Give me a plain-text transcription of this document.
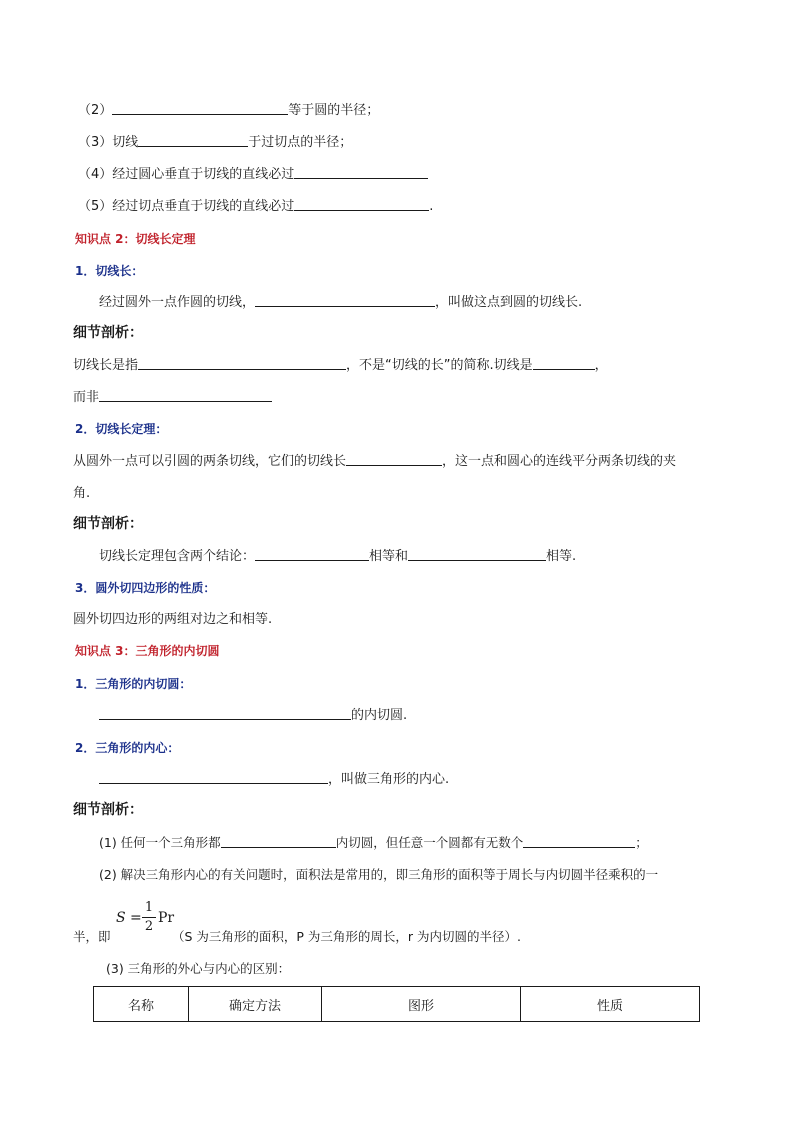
（2）	等于圆的半径；
（3）切线	于过切点的半径；
（4）经过圆心垂直于切线的直线必过
（5）经过切点垂直于切线的直线必过	.
知识点 2：切线长定理
1．切线长：
经过圆外一点作圆的切线，	，叫做这点到圆的切线长.
细节剖析：
切线长是指	，不是“切线的长”的简称.切线是	，
而非
2．切线长定理：
从圆外一点可以引圆的两条切线，它们的切线长	，这一点和圆心的连线平分两条切线的夹
角.
细节剖析：
切线长定理包含两个结论：	相等和	相等.
3．圆外切四边形的性质：
圆外切四边形的两组对边之和相等.
知识点 3：三角形的内切圆
1．三角形的内切圆：
的内切圆.
2．三角形的内心：
，叫做三角形的内心.
细节剖析：
(1) 任何一个三角形都	内切圆，但任意一个圆都有无数个	；
(2) 解决三角形内心的有关问题时，面积法是常用的，即三角形的面积等于周长与内切圆半径乘积的一
半，即
S =
1
2
Pr
（S 为三角形的面积，P 为三角形的周长，r 为内切圆的半径）.
(3) 三角形的外心与内心的区别：
名称	确定方法	图形	性质
